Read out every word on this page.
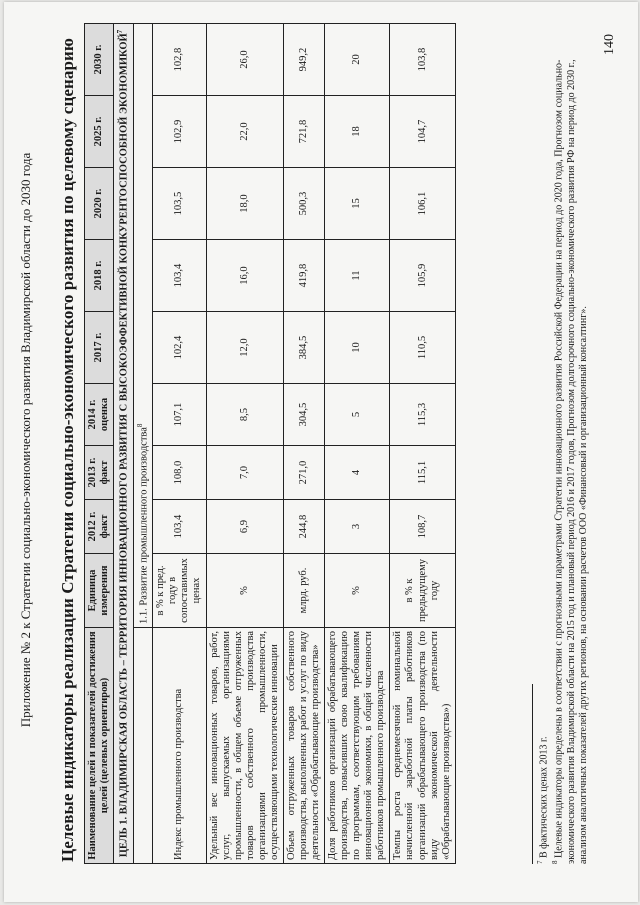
Приложение № 2 к Стратегии социально-экономического развития Владимирской области до 2030 года Целевые индикаторы реализации Стратегии социально-экономического развития по целевому сценарию Наименование целей и показателей достижения целей (целевых ориентиров)	Единица измерения	2012 г. факт	2013 г. факт	2014 г. оценка	2017 г.	2018 г.	2020 г.	2025 г.	2030 г.
ЦЕЛЬ 1. ВЛАДИМИРСКАЯ ОБЛАСТЬ – ТЕРРИТОРИЯ ИННОВАЦИОННОГО РАЗВИТИЯ С ВЫСОКОЭФФЕКТИВНОЙ КОНКУРЕНТОСПОСОБНОЙ ЭКОНОМИКОЙ$^7$
	1.1. Развитие промышленного производства$^8$
Индекс промышленного производства	в % к пред. году в сопоставимых ценах	103,4	108,0	107,1	102,4	103,4	103,5	102,9	102,8
Удельный вес инновационных товаров, работ, услуг, выпускаемых организациями промышленности, в общем объеме отгруженных товаров собственного производства организациями промышленности, осуществляющими технологические инновации	%	6,9	7,0	8,5	12,0	16,0	18,0	22,0	26,0
Объем отгруженных товаров собственного производства, выполненных работ и услуг по виду деятельности «Обрабатывающие производства»	млрд. руб.	244,8	271,0	304,5	384,5	419,8	500,3	721,8	949,2
Доля работников организаций обрабатывающего производства, повысивших свою квалификацию по программам, соответствующим требованиям инновационной экономики, в общей численности работников промышленного производства	%	3	4	5	10	11	15	18	20
Темпы роста среднемесячной номинальной начисленной заработной платы работников организаций обрабатывающего производства (по виду экономической деятельности «Обрабатывающие производства»)	в % к предыдущему году	108,7	115,1	115,3	110,5	105,9	106,1	104,7	103,8
$^7$ В фактических ценах 2013 г.
$^8$ Целевые индикаторы определены в соответствии с прогнозными параметрами Стратегии инновационного развития Российской Федерации на период до 2020 года, Прогнозом социально-экономического развития Владимирской области на 2015 год и плановый период 2016 и 2017 годов, Прогнозом долгосрочного социально-экономического развития РФ на период до 2030 г., анализом аналогичных показателей других регионов, на основании расчетов ООО «Финансовый и организационный консалтинг».
140
